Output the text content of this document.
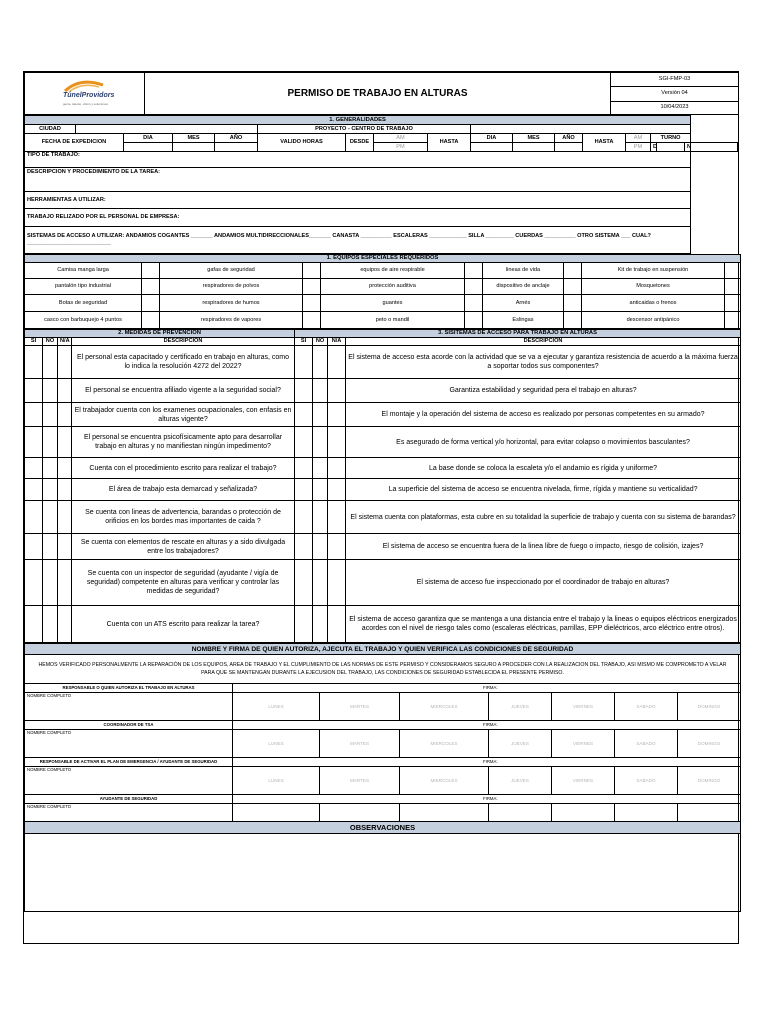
TúnelProvidors
gente, talento, visión y soluciones
	PERMISO DE TRABAJO EN ALTURAS	SGI-FMP-03
Versión 04
10/04/2023
1. GENERALIDADES																	
CIUDAD					PROYECTO - CENTRO DE TRABAJO												
FECHA DE EXPEDICION		DIA	MES	AÑO	VALIDO HORAS	DESDE	AM	HASTA	DIA	MES	AÑO	HASTA	AM	TURNO			
							PM						PM	D		N	
TIPO DE TRABAJO:																	
DESCRIPCION Y PROCEDIMIENTO DE LA TAREA:																	
HERRAMIENTAS A UTILIZAR:																	
TRABAJO RELIZADO POR EL PERSONAL DE EMPRESA:																	
SISTEMAS DE ACCESO A UTILIZAR: ANDAMIOS COGANTES _______ ANDAMIOS MULTIDIRECCIONALES_______ CANASTA __________ ESCALERAS ____________ SILLA _________ CUERDAS __________ OTRO SISTEMA ___ CUAL? ___________________________																	
1. EQUIPOS ESPECIALES REQUERIDOS									
Camisa manga larga		gafas de seguridad		equipos de aire respirable		lineas de vida		Kit de trabajo en suspensión	
pantalón tipo industrial		respiradores de polvos		protección auditiva		dispositivo de anclaje		Mosquetones	
Botas de seguridad		respiradores de humos		guantes		Arnés		anticaidas o frenos	
casco con barbuquejo 4 puntos		respiradores de vapores		peto o mandil		Eslingas		descensor antipánico	
2. MEDIDAS DE PREVENCIÓN				3. SISITEMAS DE ACCESO PARA TRABAJO EN ALTURAS			
SI	NO	N/A	DESCRIPCION	SI	NO	N/A	DESCRIPCION
			El personal esta capacitado y certificado en trabajo en alturas, como lo indica la resolución 4272 del 2022?				El sistema de acceso esta acorde con la actividad que se va a ejecutar y garantiza resistencia de acuerdo a la máxima fuerza a soportar todos sus componentes?
			El personal se encuentra afiliado vigente a la seguridad social?				Garantiza estabilidad y seguridad pera el trabajo en alturas?
			El trabajador cuenta con los examenes ocupacionales, con enfasis en alturas vigente?				El montaje y la operación del sistema de acceso es realizado por personas competentes en su armado?
			El personal se encuentra psicofísicamente apto para desarrollar trabajo en alturas y no manifiestan ningún impedimento?				Es asegurado de forma vertical y/o horizontal, para evitar colapso o movimientos basculantes?
			Cuenta con el procedimiento escrito para realizar el trabajo?				La base donde se coloca la escaleta y/o el andamio es rígida y uniforme?
			El área de trabajo esta demarcad y señalizada?				La superficie del sistema de acceso se encuentra nivelada, firme, rígida y mantiene su verticalidad?
			Se cuenta con lineas de advertencia, barandas o protección de orificios en los bordes mas importantes de caida ?				El sistema cuenta con plataformas, esta cubre en su totalidad la superficie de trabajo y cuenta con su sistema de barandas?
			Se cuenta con elementos de rescate en alturas y a sido divulgada entre los trabajadores?				El sistema de acceso se encuentra fuera de la linea libre de fuego o impacto, riesgo de colisión, izajes?
			Se cuenta con un inspector de seguridad (ayudante / vigía de seguridad) competente en alturas para verificar y controlar las medidas de seguridad?				El sistema de acceso fue inspeccionado por el coordinador de trabajo en alturas?
			Cuenta con un ATS escrito para realizar la tarea?				El sistema de acceso garantiza que se mantenga a una distancia entre el trabajo y la lineas o equipos eléctricos energizados acordes con el nivel de riesgo tales como (escaleras eléctricas, parrillas, EPP dieléctricos, arco eléctrico entre otros).
NOMBRE Y FIRMA DE QUIEN AUTORIZA, AJECUTA EL TRABAJO Y QUIEN VERIFICA LAS CONDICIONES DE SEGURIDAD							
HEMOS VERIFICADO PERSONALMENTE LA REPARACIÓN DE LOS EQUIPOS, AREA DE TRABAJO Y EL CUMPLIMIENTO DE LAS NORMAS DE ESTE PERMISO Y CONSIDERAMOS SEGURO A PROCEDER CON LA REALIZACION DEL TRABAJO, ASI MISMO ME COMPROMETO A VELAR PARA QUE SE MANTENGAN DURANTE LA EJECUSION DEL TRABAJO, LAS CONDICIONES DE SEGURIDAD ESTABLECIDA EL PRESENTE PERMISO.							
RESPONSABLE O QUIEN AUTORIZA EL TRABAJO EN ALTURAS	FIRMA:						
NOMBRE COMPLETO	LUNES	MARTES	MIERCOLES	JUEVES	VIERNES	SABADO	DOMINGO
COORDINADOR DE TSA	FIRMA:						
NOMBRE COMPLETO	LUNES	MARTES	MIERCOLES	JUEVES	VIERNES	SABADO	DOMINGO
RESPONSABLE DE ACTIVAR EL PLAN DE EMERGENCIA / AYUDANTE DE SEGURIDAD	FIRMA:						
NOMBRE COMPLETO	LUNES	MARTES	MIERCOLES	JUEVES	VIERNES	SABADO	DOMINGO
AYUDANTE DE SEGURIDAD	FIRMA:						
NOMBRE COMPLETO							
OBSERVACIONES							
